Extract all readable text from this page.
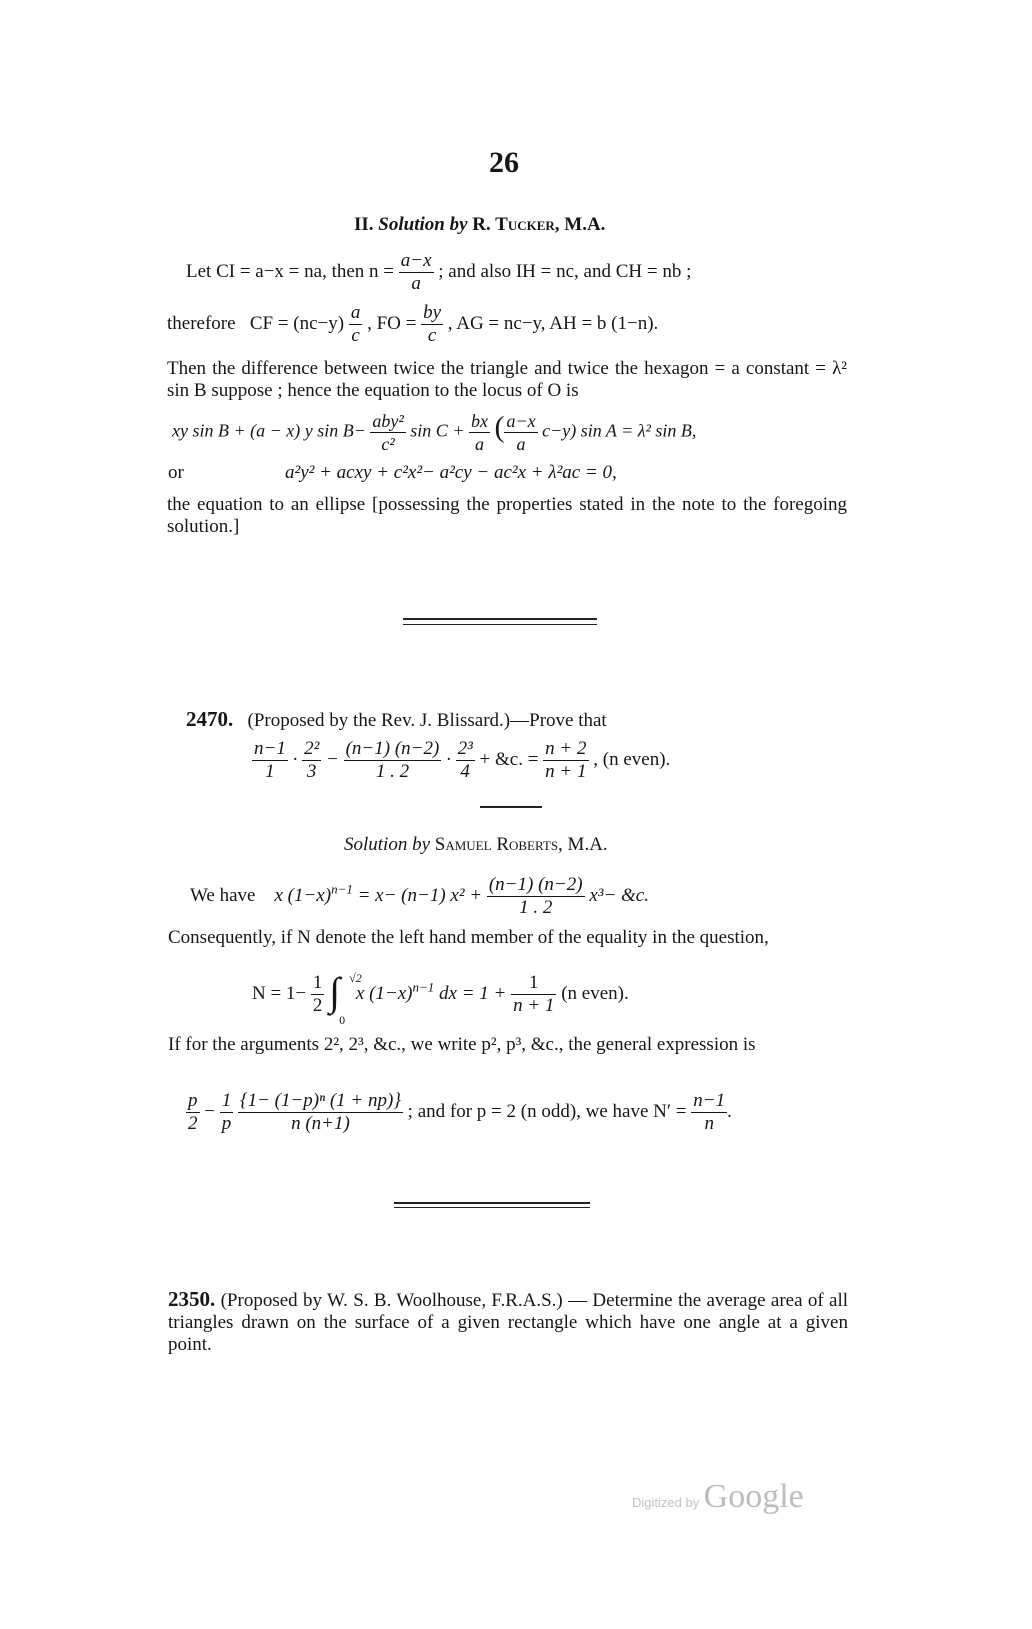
26
II. Solution by R. Tucker, M.A.
Let CI = a−x = na, then $n = \frac{a-x}{a}$ ; and also IH = nc, and CH = nb ;
therefore CF = $(nc-y) \frac{a}{c}$ , FO = $\frac{by}{c}$ , AG = nc−y, AH = b (1−n).
Then the difference between twice the triangle and twice the hexagon = a constant = λ² sin B suppose ; hence the equation to the locus of O is
xy sin B + (a − x) y $\sin B- \frac{\text{aby²}}{\text{c²}}$ $\sin C + \frac{bx}{a}$ ( $\frac{a-x}{a} c-y$) sin A = λ² sin B,
or	a²y² + acxy + c²x²− a²cy − ac²x + λ²ac = 0,
the equation to an ellipse [possessing the properties stated in the note to the foregoing solution.]
2470. (Proposed by the Rev. J. Blissard.)—Prove that
$\frac{n-1}{1} \cdot \frac{\text{2²}}{3} - \frac{(n-1) (n-2)}{1 . 2} \cdot \frac{\text{2³}}{4}$ + &c. = $\frac{n + 2}{n + 1}$ , (n even).
Solution by Samuel Roberts, M.A.
We have x $(1-x)^{n-1} = x- (n-1) x^2 + \frac{(n-1) (n-2)}{1 . 2} x^3-$ &c.
Consequently, if N denote the left hand member of the equality in the question,
$N = 1- \frac{1}{2}$ ∫ √2
0
x $(1-x)^{n-1}$ dx = $1 + \frac{1}{n + 1} (n$ even).
If for the arguments 2², 2³, &c., we write p², p³, &c., the general expression is
$\frac{p}{2} - \frac{1}{p}$
$\frac{\text{\{1− (1−p)ⁿ (1 + np)\}}}{n (n+1)}$ ; and for p = 2 (n odd), we have $N' = \frac{n-1}{n}$ .
2350. (Proposed by W. S. B. Woolhouse, F.R.A.S.) — Determine the average area of all triangles drawn on the surface of a given rectangle which have one angle at a given point.
Digitized by Google
